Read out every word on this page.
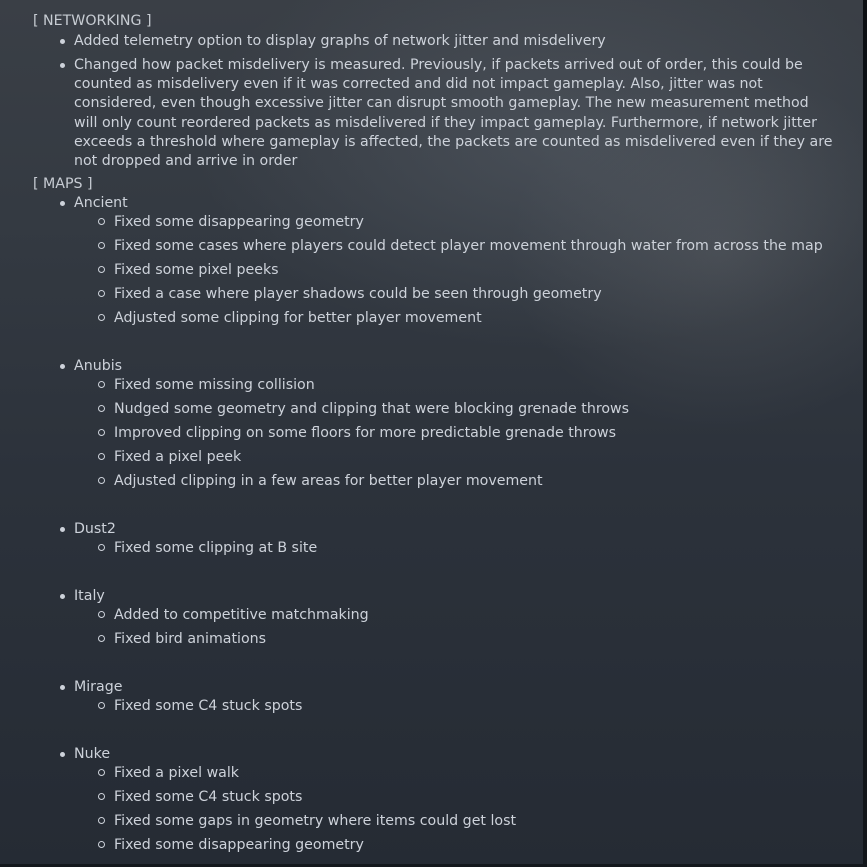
[ NETWORKING ]
Added telemetry option to display graphs of network jitter and misdelivery
Changed how packet misdelivery is measured. Previously, if packets arrived out of order, this could be counted as misdelivery even if it was corrected and did not impact gameplay. Also, jitter was not considered, even though excessive jitter can disrupt smooth gameplay. The new measurement method will only count reordered packets as misdelivered if they impact gameplay. Furthermore, if network jitter exceeds a threshold where gameplay is affected, the packets are counted as misdelivered even if they are not dropped and arrive in order
[ MAPS ]
Ancient
Fixed some disappearing geometry
Fixed some cases where players could detect player movement through water from across the map
Fixed some pixel peeks
Fixed a case where player shadows could be seen through geometry
Adjusted some clipping for better player movement
Anubis
Fixed some missing collision
Nudged some geometry and clipping that were blocking grenade throws
Improved clipping on some floors for more predictable grenade throws
Fixed a pixel peek
Adjusted clipping in a few areas for better player movement
Dust2
Fixed some clipping at B site
Italy
Added to competitive matchmaking
Fixed bird animations
Mirage
Fixed some C4 stuck spots
Nuke
Fixed a pixel walk
Fixed some C4 stuck spots
Fixed some gaps in geometry where items could get lost
Fixed some disappearing geometry
